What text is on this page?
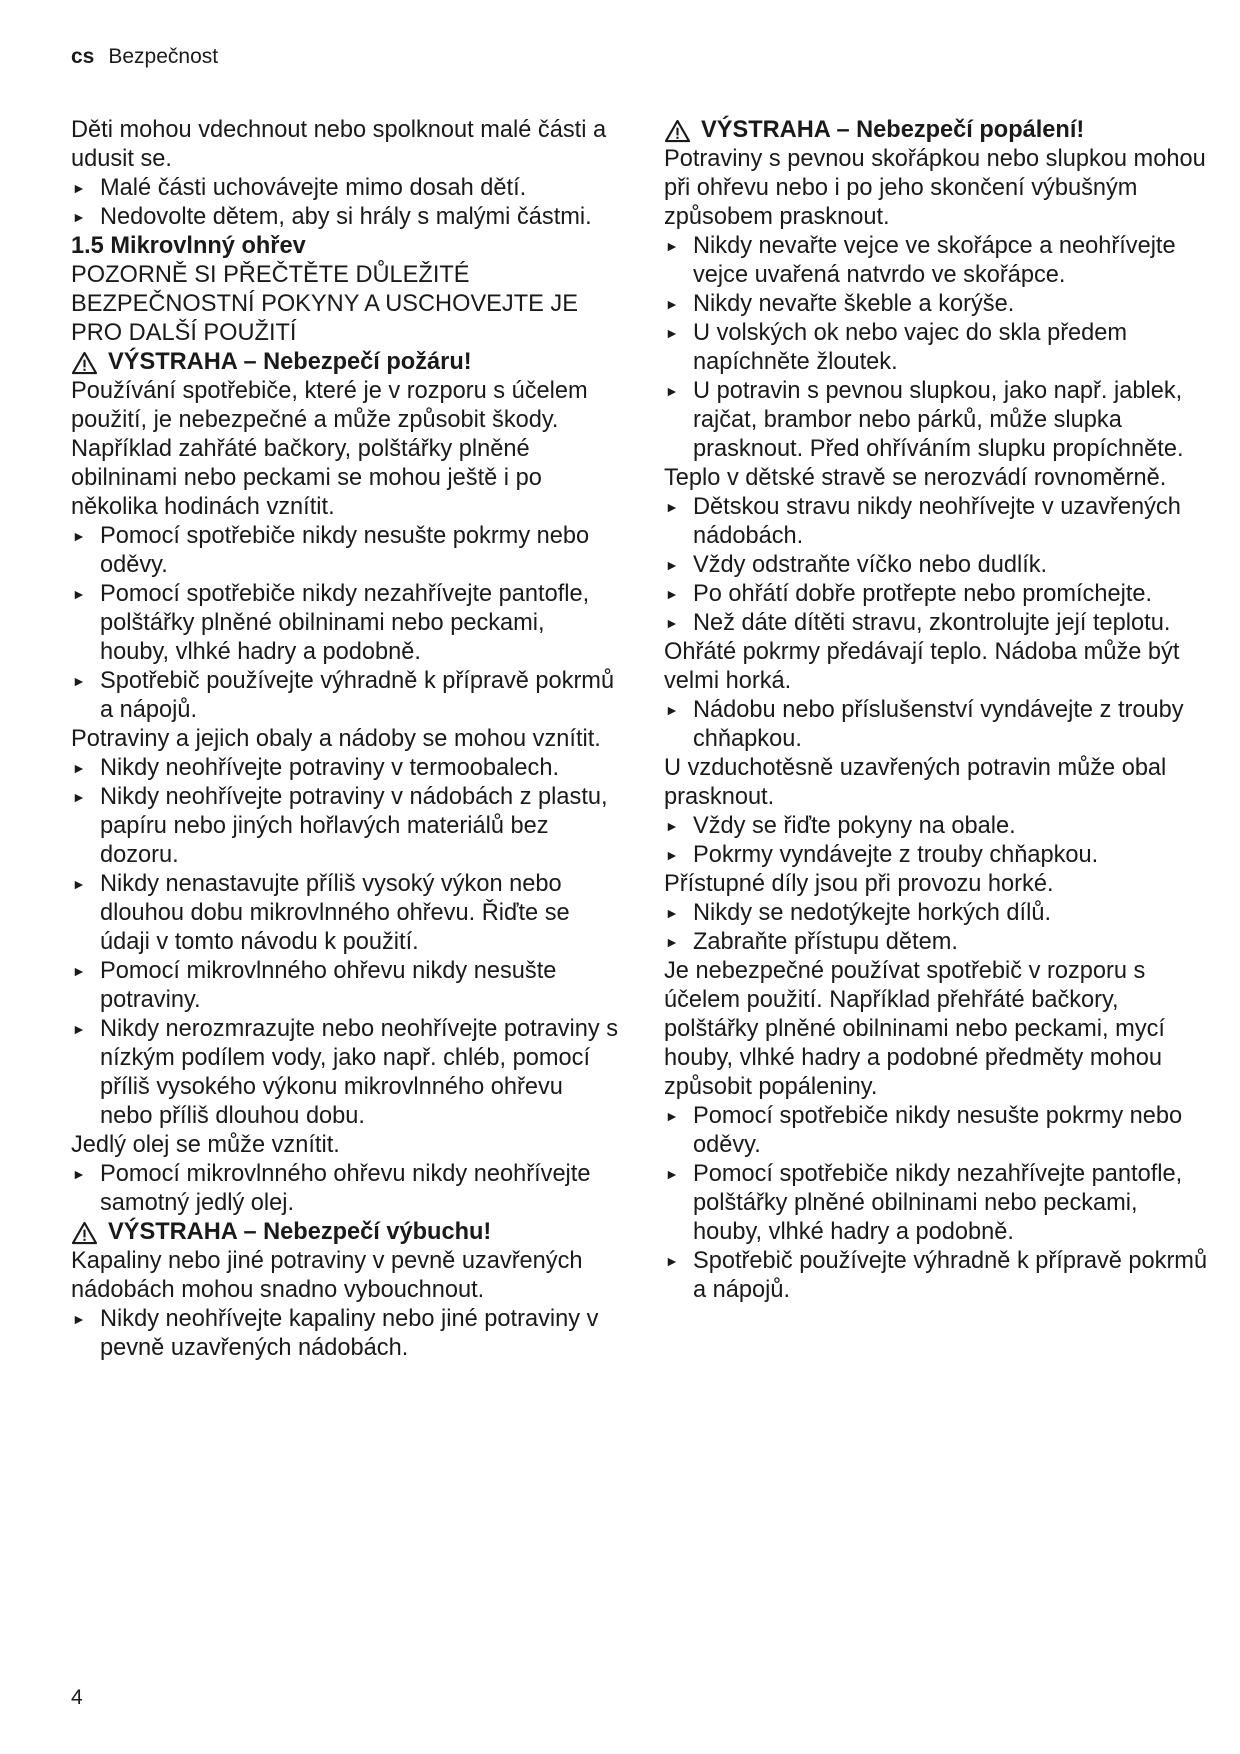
cs Bezpečnost

Děti mohou vdechnout nebo spolknout malé části a udusit se.

► Malé části uchovávejte mimo dosah dětí.
► Nedovolte dětem, aby si hrály s malými částmi.

1.5 Mikrovlnný ohřev

POZORNĚ SI PŘEČTĚTE DŮLEŽITÉ BEZPEČNOSTNÍ POKYNY A USCHOVEJTE JE PRO DALŠÍ POUŽITÍ

VÝSTRAHA – Nebezpečí požáru!

Používání spotřebiče, které je v rozporu s účelem použití, je nebezpečné a může způsobit škody. Například zahřáté bačkory, polštářky plněné obilninami nebo peckami se mohou ještě i po několika hodinách vznítit.

► Pomocí spotřebiče nikdy nesušte pokrmy nebo oděvy.
► Pomocí spotřebiče nikdy nezahřívejte pantofle, polštářky plněné obilninami nebo peckami, houby, vlhké hadry a podobně.
► Spotřebič používejte výhradně k přípravě pokrmů a nápojů.

Potraviny a jejich obaly a nádoby se mohou vznítit.

► Nikdy neohřívejte potraviny v termoobalech.
► Nikdy neohřívejte potraviny v nádobách z plastu, papíru nebo jiných hořlavých materiálů bez dozoru.
► Nikdy nenastavujte příliš vysoký výkon nebo dlouhou dobu mikrovlnného ohřevu. Řiďte se údaji v tomto návodu k použití.
► Pomocí mikrovlnného ohřevu nikdy nesušte potraviny.
► Nikdy nerozmrazujte nebo neohřívejte potraviny s nízkým podílem vody, jako např. chléb, pomocí příliš vysokého výkonu mikrovlnného ohřevu nebo příliš dlouhou dobu.

Jedlý olej se může vznítit.

► Pomocí mikrovlnného ohřevu nikdy neohřívejte samotný jedlý olej.

VÝSTRAHA – Nebezpečí výbuchu!

Kapaliny nebo jiné potraviny v pevně uzavřených nádobách mohou snadno vybouchnout.

► Nikdy neohřívejte kapaliny nebo jiné potraviny v pevně uzavřených nádobách.

VÝSTRAHA – Nebezpečí popálení!

Potraviny s pevnou skořápkou nebo slupkou mohou při ohřevu nebo i po jeho skončení výbušným způsobem prasknout.

► Nikdy nevařte vejce ve skořápce a neohřívejte vejce uvařená natvrdo ve skořápce.
► Nikdy nevařte škeble a korýše.
► U volských ok nebo vajec do skla předem napíchněte žloutek.
► U potravin s pevnou slupkou, jako např. jablek, rajčat, brambor nebo párků, může slupka prasknout. Před ohříváním slupku propíchněte.

Teplo v dětské stravě se nerozvádí rovnoměrně.

► Dětskou stravu nikdy neohřívejte v uzavřených nádobách.
► Vždy odstraňte víčko nebo dudlík.
► Po ohřátí dobře protřepte nebo promíchejte.
► Než dáte dítěti stravu, zkontrolujte její teplotu.

Ohřáté pokrmy předávají teplo. Nádoba může být velmi horká.

► Nádobu nebo příslušenství vyndávejte z trouby chňapkou.

U vzduchotěsně uzavřených potravin může obal prasknout.

► Vždy se řiďte pokyny na obale.
► Pokrmy vyndávejte z trouby chňapkou.

Přístupné díly jsou při provozu horké.

► Nikdy se nedotýkejte horkých dílů.
► Zabraňte přístupu dětem.

Je nebezpečné používat spotřebič v rozporu s účelem použití. Například přehřáté bačkory, polštářky plněné obilninami nebo peckami, mycí houby, vlhké hadry a podobné předměty mohou způsobit popáleniny.

► Pomocí spotřebiče nikdy nesušte pokrmy nebo oděvy.
► Pomocí spotřebiče nikdy nezahřívejte pantofle, polštářky plněné obilninami nebo peckami, houby, vlhké hadry a podobně.
► Spotřebič používejte výhradně k přípravě pokrmů a nápojů.
4
